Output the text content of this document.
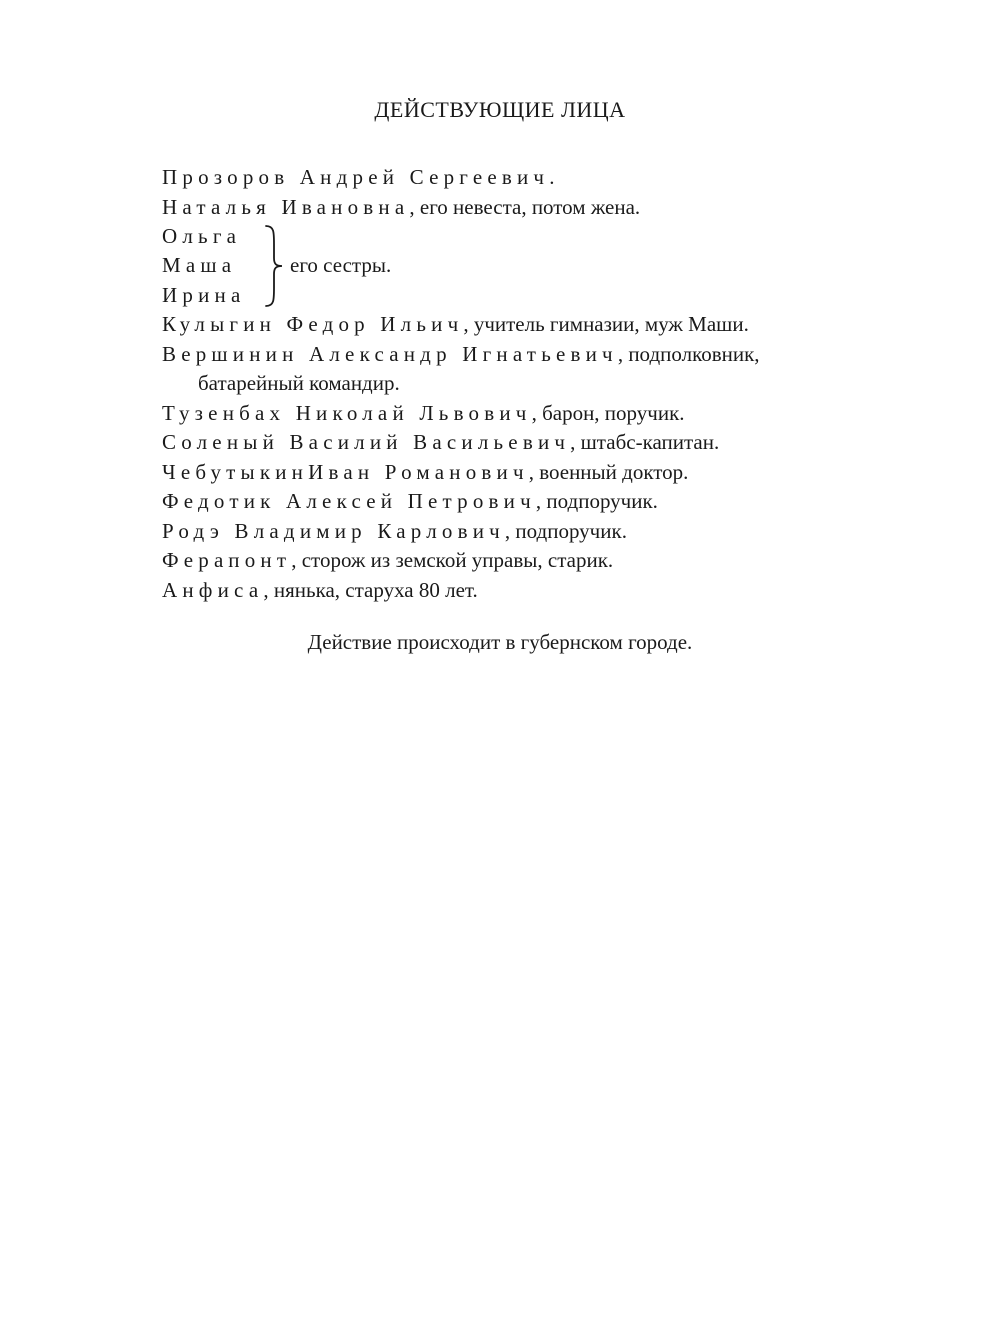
ДЕЙСТВУЮЩИЕ ЛИЦА
Прозоров Андрей Сергеевич.
Наталья Ивановна, его невеста, потом жена.
Ольга
Маша
Ирина
его сестры.
Кулыгин Федор Ильич, учитель гимназии, муж Маши.
Вершинин Александр Игнатьевич, подполковник,
батарейный командир.
Тузенбах Николай Львович, барон, поручик.
Соленый Василий Васильевич, штабс-капитан.
ЧебутыкинИван Романович, военный доктор.
Федотик Алексей Петрович, подпоручик.
Родэ Владимир Карлович, подпоручик.
Ферапонт, сторож из земской управы, старик.
Анфиса, нянька, старуха 80 лет.

Действие происходит в губернском городе.
